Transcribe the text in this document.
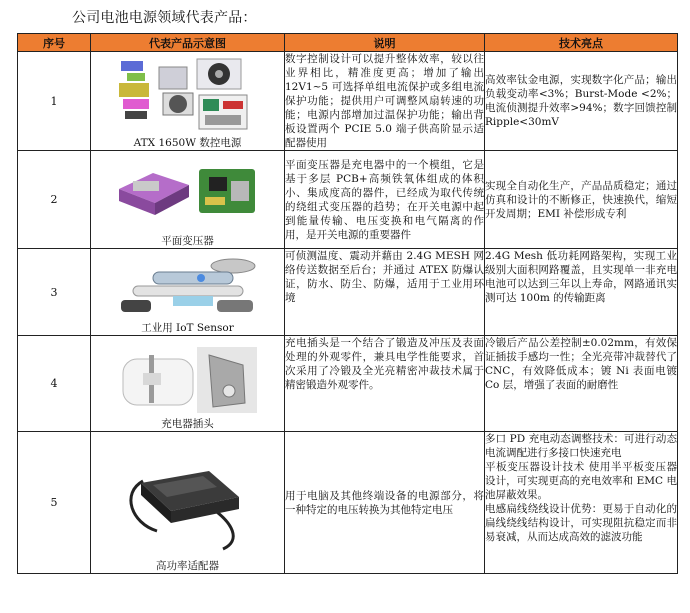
公司电池电源领域代表产品：
序号	代表产品示意图	说明	技术亮点
1	ATX 1650W 数控电源	数字控制设计可以提升整体效率，较以往业界相比，精准度更高；增加了输出 12V1~5 可选择单组电流保护或多组电流保护功能；提供用户可调整风扇转速的功能；电源内部增加过温保护功能；输出背板设置两个 PCIE 5.0 端子供高阶显示适配器使用	高效率钛金电源，实现数字化产品；输出负载变动率<3%；Burst-Mode <2%；电流侦测提升效率>94%；数字回馈控制 Ripple<30mV
2	平面变压器	平面变压器是充电器中的一个模组，它是基于多层 PCB+高频铁氧体组成的体积小、集成度高的器件，已经成为取代传统的绕组式变压器的趋势；在开关电源中起到能量传输、电压变换和电气隔离的作用，是开关电源的重要器件	实现全自动化生产，产品品质稳定；通过仿真和设计的不断修正，快速换代，缩短开发周期；EMI 补偿形成专利
3	工业用 IoT Sensor	可侦测温度、震动并藉由 2.4G MESH 网络传送数据至后台；并通过 ATEX 防爆认证，防水、防尘、防爆，适用于工业用环境	2.4G Mesh 低功耗网路架构，实现工业级别大面积网路覆盖，且实现单一非充电电池可以达到三年以上寿命，网路通讯实测可达 100m 的传输距离
4	充电器插头	充电插头是一个结合了锻造及冲压及表面处理的外观零件，兼具电学性能要求，首次采用了冷锻及全光亮精密冲裁技术属于精密锻造外观零件。	冷锻后产品公差控制±0.02mm，有效保证插拔手感均一性；全光亮带冲裁替代了 CNC，有效降低成本；镀 Ni 表面电镀 Co 层，增强了表面的耐磨性
5	高功率适配器	用于电脑及其他终端设备的电源部分，将一种特定的电压转换为其他特定电压	多口 PD 充电动态调整技术：可进行动态电流调配进行多接口快速充电
平板变压器设计技术 使用半平板变压器设计，可实现更高的充电效率和 EMC 电池屏蔽效果。
电感扁线绕线设计优势：更易于自动化的扁线绕线结构设计，可实现阻抗稳定而非易衰减，从而达成高效的滤波功能
